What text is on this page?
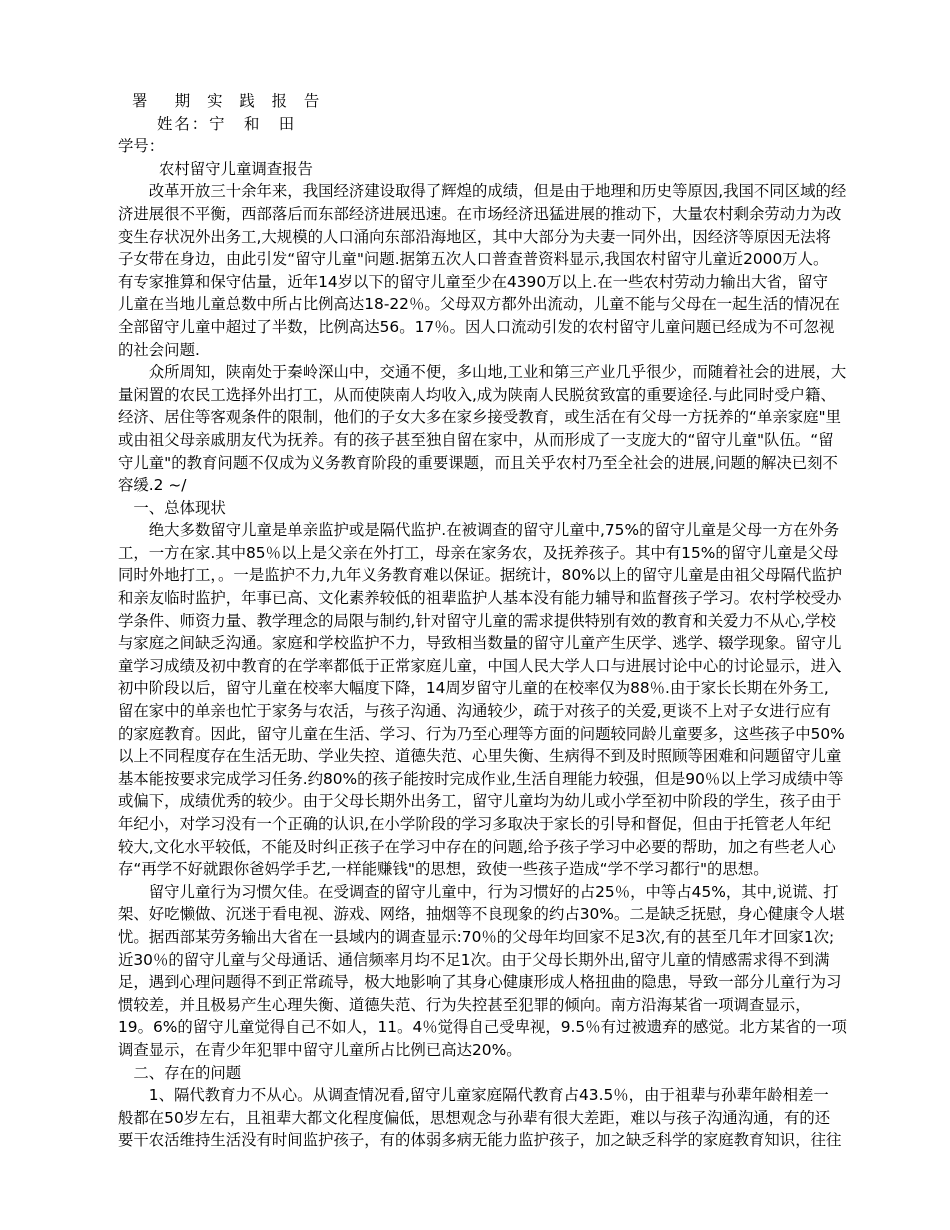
署　期 实 践 报 告
姓名：宁　和　田
学号：
农村留守儿童调查报告
　　改革开放三十余年来，我国经济建设取得了辉煌的成绩，但是由于地理和历史等原因,我国不同区域的经
济进展很不平衡，西部落后而东部经济进展迅速。在市场经济迅猛进展的推动下，大量农村剩余劳动力为改
变生存状况外出务工,大规模的人口涌向东部沿海地区，其中大部分为夫妻一同外出，因经济等原因无法将
子女带在身边，由此引发“留守儿童"问题.据第五次人口普查普资料显示,我国农村留守儿童近2000万人。
有专家推算和保守估量，近年14岁以下的留守儿童至少在4390万以上.在一些农村劳动力输出大省，留守
儿童在当地儿童总数中所占比例高达18-22％。父母双方都外出流动，儿童不能与父母在一起生活的情况在
全部留守儿童中超过了半数，比例高达56。17％。因人口流动引发的农村留守儿童问题已经成为不可忽视
的社会问题.
　　众所周知，陕南处于秦岭深山中，交通不便，多山地,工业和第三产业几乎很少，而随着社会的进展，大
量闲置的农民工选择外出打工，从而使陕南人均收入,成为陕南人民脱贫致富的重要途径.与此同时受户籍、
经济、居住等客观条件的限制，他们的子女大多在家乡接受教育，或生活在有父母一方抚养的“单亲家庭"里
或由祖父母亲戚朋友代为抚养。有的孩子甚至独自留在家中，从而形成了一支庞大的“留守儿童"队伍。“留
守儿童"的教育问题不仅成为义务教育阶段的重要课题，而且关乎农村乃至全社会的进展,问题的解决已刻不
容缓.2 ~/
　一、总体现状
　　绝大多数留守儿童是单亲监护或是隔代监护.在被调查的留守儿童中,75%的留守儿童是父母一方在外务
工，一方在家.其中85％以上是父亲在外打工，母亲在家务农，及抚养孩子。其中有15%的留守儿童是父母
同时外地打工，。一是监护不力,九年义务教育难以保证。据统计，80%以上的留守儿童是由祖父母隔代监护
和亲友临时监护，年事已高、文化素养较低的祖辈监护人基本没有能力辅导和监督孩子学习。农村学校受办
学条件、师资力量、教学理念的局限与制约,针对留守儿童的需求提供特别有效的教育和关爱力不从心,学校
与家庭之间缺乏沟通。家庭和学校监护不力，导致相当数量的留守儿童产生厌学、逃学、辍学现象。留守儿
童学习成绩及初中教育的在学率都低于正常家庭儿童，中国人民大学人口与进展讨论中心的讨论显示，进入
初中阶段以后，留守儿童在校率大幅度下降，14周岁留守儿童的在校率仅为88％.由于家长长期在外务工,
留在家中的单亲也忙于家务与农活，与孩子沟通、沟通较少，疏于对孩子的关爱,更谈不上对子女进行应有
的家庭教育。因此，留守儿童在生活、学习、行为乃至心理等方面的问题较同龄儿童要多，这些孩子中50%
以上不同程度存在生活无助、学业失控、道德失范、心里失衡、生病得不到及时照顾等困难和问题留守儿童
基本能按要求完成学习任务.约80%的孩子能按时完成作业,生活自理能力较强，但是90％以上学习成绩中等
或偏下，成绩优秀的较少。由于父母长期外出务工，留守儿童均为幼儿或小学至初中阶段的学生，孩子由于
年纪小，对学习没有一个正确的认识,在小学阶段的学习多取决于家长的引导和督促，但由于托管老人年纪
较大,文化水平较低，不能及时纠正孩子在学习中存在的问题,给予孩子学习中必要的帮助，加之有些老人心
存“再学不好就跟你爸妈学手艺,一样能赚钱"的思想，致使一些孩子造成“学不学习都行"的思想。
　　留守儿童行为习惯欠佳。在受调查的留守儿童中，行为习惯好的占25％，中等占45%，其中,说谎、打
架、好吃懒做、沉迷于看电视、游戏、网络，抽烟等不良现象的约占30%。二是缺乏抚慰，身心健康令人堪
忧。据西部某劳务输出大省在一县域内的调查显示:70％的父母年均回家不足3次,有的甚至几年才回家1次;
近30％的留守儿童与父母通话、通信频率月均不足1次。由于父母长期外出,留守儿童的情感需求得不到满
足，遇到心理问题得不到正常疏导，极大地影响了其身心健康形成人格扭曲的隐患，导致一部分儿童行为习
惯较差，并且极易产生心理失衡、道德失范、行为失控甚至犯罪的倾向。南方沿海某省一项调查显示，
19。6%的留守儿童觉得自己不如人，11。4％觉得自己受卑视，9.5％有过被遗弃的感觉。北方某省的一项
调查显示，在青少年犯罪中留守儿童所占比例已高达20%。
　二、存在的问题
　　1、隔代教育力不从心。从调查情况看,留守儿童家庭隔代教育占43.5％，由于祖辈与孙辈年龄相差一
般都在50岁左右，且祖辈大都文化程度偏低，思想观念与孙辈有很大差距，难以与孩子沟通沟通，有的还
要干农活维持生活没有时间监护孩子，有的体弱多病无能力监护孩子，加之缺乏科学的家庭教育知识，往往
